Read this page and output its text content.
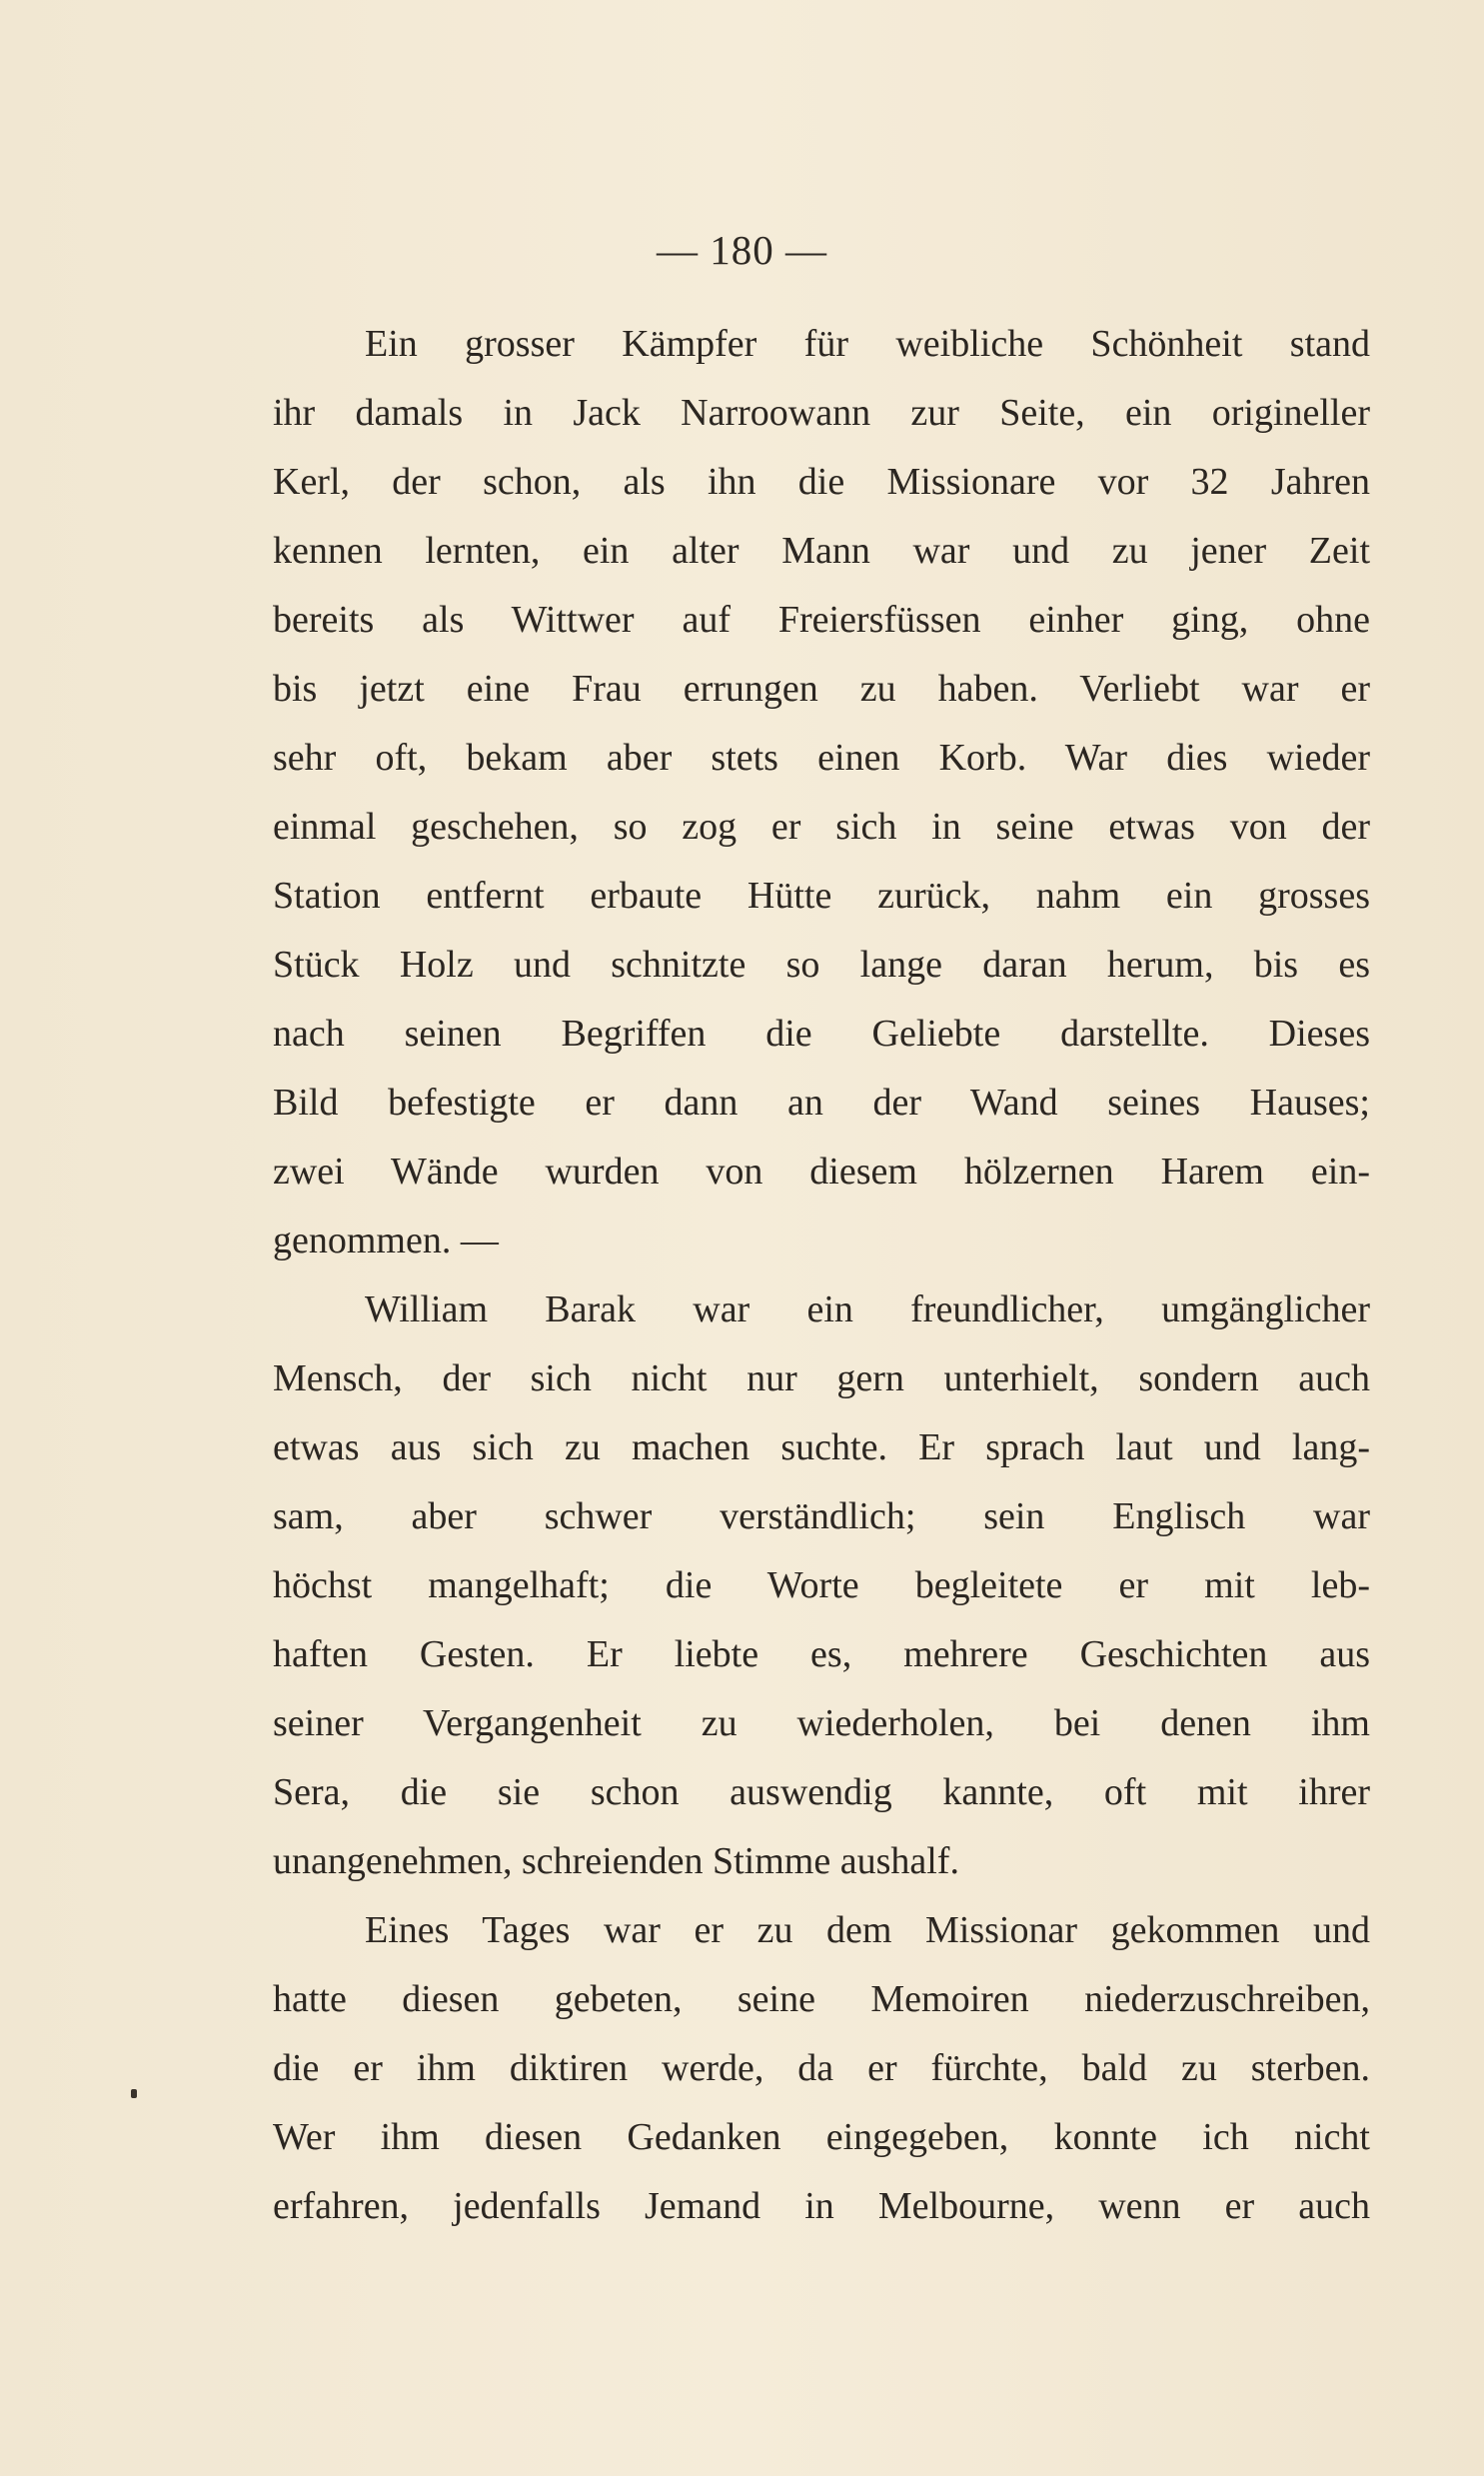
— 180 —
Ein grosser Kämpfer für weibliche Schönheit stand
ihr damals in Jack Narroowann zur Seite, ein origineller
Kerl, der schon, als ihn die Missionare vor 32 Jahren
kennen lernten, ein alter Mann war und zu jener Zeit
bereits als Wittwer auf Freiersfüssen einher ging, ohne
bis jetzt eine Frau errungen zu haben. Verliebt war er
sehr oft, bekam aber stets einen Korb. War dies wieder
einmal geschehen, so zog er sich in seine etwas von der
Station entfernt erbaute Hütte zurück, nahm ein grosses
Stück Holz und schnitzte so lange daran herum, bis es
nach seinen Begriffen die Geliebte darstellte. Dieses
Bild befestigte er dann an der Wand seines Hauses;
zwei Wände wurden von diesem hölzernen Harem ein-
genommen. —
William Barak war ein freundlicher, umgänglicher
Mensch, der sich nicht nur gern unterhielt, sondern auch
etwas aus sich zu machen suchte. Er sprach laut und lang-
sam, aber schwer verständlich; sein Englisch war
höchst mangelhaft; die Worte begleitete er mit leb-
haften Gesten. Er liebte es, mehrere Geschichten aus
seiner Vergangenheit zu wiederholen, bei denen ihm
Sera, die sie schon auswendig kannte, oft mit ihrer
unangenehmen, schreienden Stimme aushalf.
Eines Tages war er zu dem Missionar gekommen und
hatte diesen gebeten, seine Memoiren niederzuschreiben,
die er ihm diktiren werde, da er fürchte, bald zu sterben.
Wer ihm diesen Gedanken eingegeben, konnte ich nicht
erfahren, jedenfalls Jemand in Melbourne, wenn er auch
